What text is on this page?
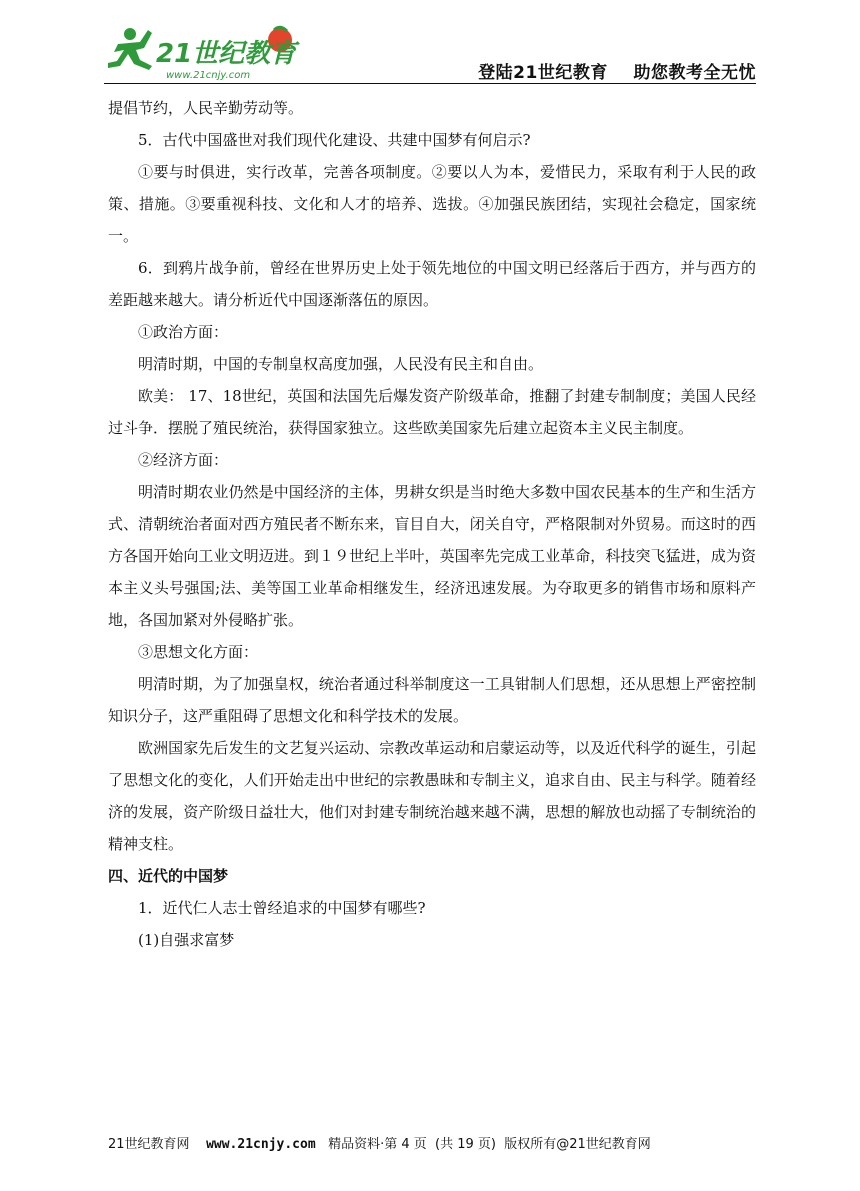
21世纪教育
www.21cnjy.com	登陆21世纪教育    助您教考全无忧

提倡节约，人民辛勤劳动等。

5．古代中国盛世对我们现代化建设、共建中国梦有何启示?

①要与时俱进，实行改革，完善各项制度。②要以人为本，爱惜民力，采取有利于人民的政策、措施。③要重视科技、文化和人才的培养、选拔。④加强民族团结，实现社会稳定，国家统一。

6．到鸦片战争前，曾经在世界历史上处于领先地位的中国文明已经落后于西方，并与西方的差距越来越大。请分析近代中国逐渐落伍的原因。

①政治方面：

明清时期，中国的专制皇权高度加强，人民没有民主和自由。

欧美： 17、18世纪，英国和法国先后爆发资产阶级革命，推翻了封建专制制度；美国人民经过斗争．摆脱了殖民统治，获得国家独立。这些欧美国家先后建立起资本主义民主制度。

②经济方面：

明清时期农业仍然是中国经济的主体，男耕女织是当时绝大多数中国农民基本的生产和生活方式、清朝统治者面对西方殖民者不断东来，盲目自大，闭关自守，严格限制对外贸易。而这时的西方各国开始向工业文明迈进。到１９世纪上半叶，英国率先完成工业革命，科技突飞猛进，成为资本主义头号强国;法、美等国工业革命相继发生，经济迅速发展。为夺取更多的销售市场和原料产地，各国加紧对外侵略扩张。

③思想文化方面：

明清时期，为了加强皇权，统治者通过科举制度这一工具钳制人们思想，还从思想上严密控制知识分子，这严重阻碍了思想文化和科学技术的发展。

欧洲国家先后发生的文艺复兴运动、宗教改革运动和启蒙运动等，以及近代科学的诞生，引起了思想文化的变化，人们开始走出中世纪的宗教愚昧和专制主义，追求自由、民主与科学。随着经济的发展，资产阶级日益壮大，他们对封建专制统治越来越不满，思想的解放也动摇了专制统治的精神支柱。

四、近代的中国梦

1．近代仁人志士曾经追求的中国梦有哪些?

(1)自强求富梦

21世纪教育网 www.21cnjy.com 精品资料·第 4 页  (共 19 页)  版权所有@21世纪教育网
